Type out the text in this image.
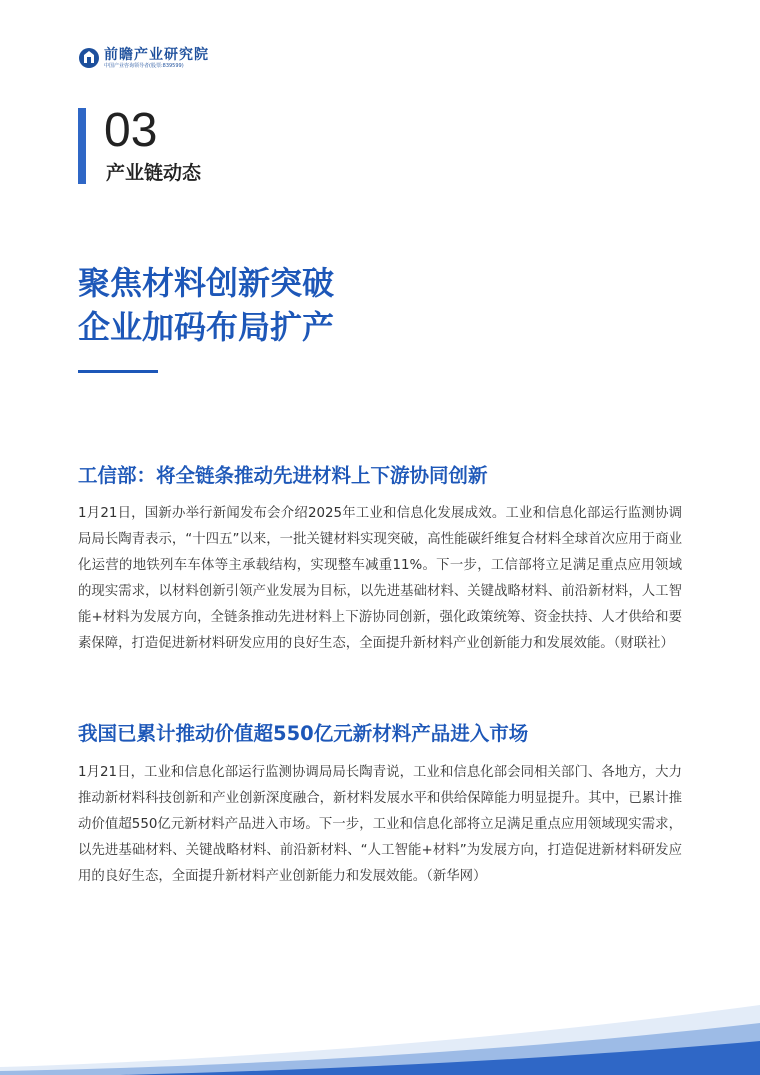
前瞻产业研究院
中国产业咨询领导者(股票:839599)
03
产业链动态
聚焦材料创新突破
企业加码布局扩产
工信部：将全链条推动先进材料上下游协同创新
1月21日，国新办举行新闻发布会介绍2025年工业和信息化发展成效。工业和信息化部运行监测协调局局长陶青表示，“十四五”以来，一批关键材料实现突破，高性能碳纤维复合材料全球首次应用于商业化运营的地铁列车车体等主承载结构，实现整车减重11%。下一步，工信部将立足满足重点应用领域的现实需求，以材料创新引领产业发展为目标，以先进基础材料、关键战略材料、前沿新材料，人工智能+材料为发展方向，全链条推动先进材料上下游协同创新，强化政策统筹、资金扶持、人才供给和要素保障，打造促进新材料研发应用的良好生态，全面提升新材料产业创新能力和发展效能。（财联社）
我国已累计推动价值超550亿元新材料产品进入市场
1月21日，工业和信息化部运行监测协调局局长陶青说，工业和信息化部会同相关部门、各地方，大力推动新材料科技创新和产业创新深度融合，新材料发展水平和供给保障能力明显提升。其中，已累计推动价值超550亿元新材料产品进入市场。下一步，工业和信息化部将立足满足重点应用领域现实需求，以先进基础材料、关键战略材料、前沿新材料、“人工智能+材料”为发展方向，打造促进新材料研发应用的良好生态，全面提升新材料产业创新能力和发展效能。（新华网）
